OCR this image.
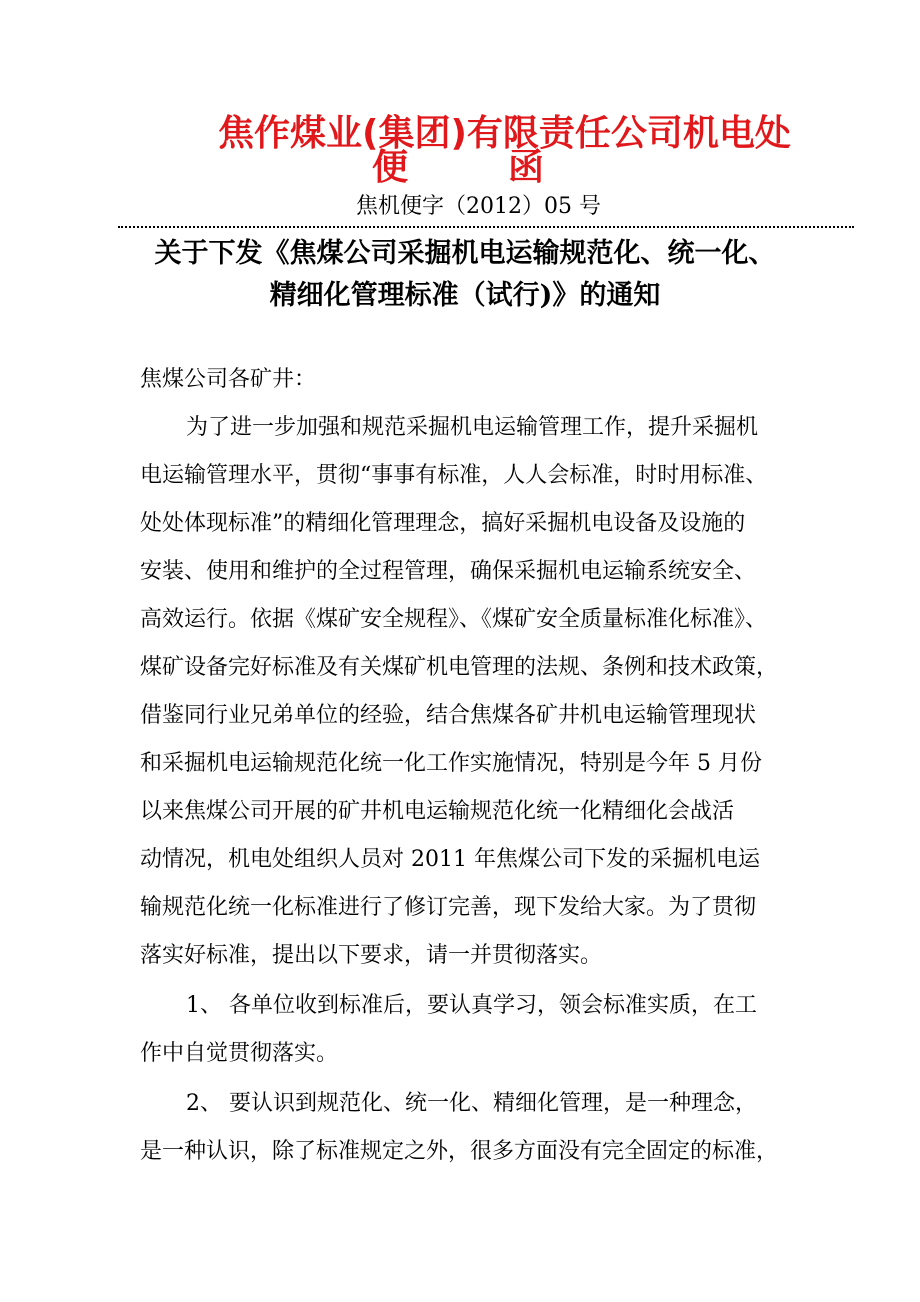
焦作煤业(集团)有限责任公司机电处
便	函
焦机便字（2012）05 号
关于下发《焦煤公司采掘机电运输规范化、统一化、
精细化管理标准（试行)》的通知
焦煤公司各矿井：
为了进一步加强和规范采掘机电运输管理工作，提升采掘机
电运输管理水平，贯彻“事事有标准，人人会标准，时时用标准、
处处体现标准”的精细化管理理念，搞好采掘机电设备及设施的
安装、使用和维护的全过程管理，确保采掘机电运输系统安全、
高效运行。依据《煤矿安全规程》、《煤矿安全质量标准化标准》、
煤矿设备完好标准及有关煤矿机电管理的法规、条例和技术政策，
借鉴同行业兄弟单位的经验，结合焦煤各矿井机电运输管理现状
和采掘机电运输规范化统一化工作实施情况，特别是今年 5 月份
以来焦煤公司开展的矿井机电运输规范化统一化精细化会战活
动情况，机电处组织人员对 2011 年焦煤公司下发的采掘机电运
输规范化统一化标准进行了修订完善，现下发给大家。为了贯彻
落实好标准，提出以下要求，请一并贯彻落实。
1、 各单位收到标准后，要认真学习，领会标准实质，在工
作中自觉贯彻落实。
2、 要认识到规范化、统一化、精细化管理，是一种理念，
是一种认识，除了标准规定之外，很多方面没有完全固定的标准，
